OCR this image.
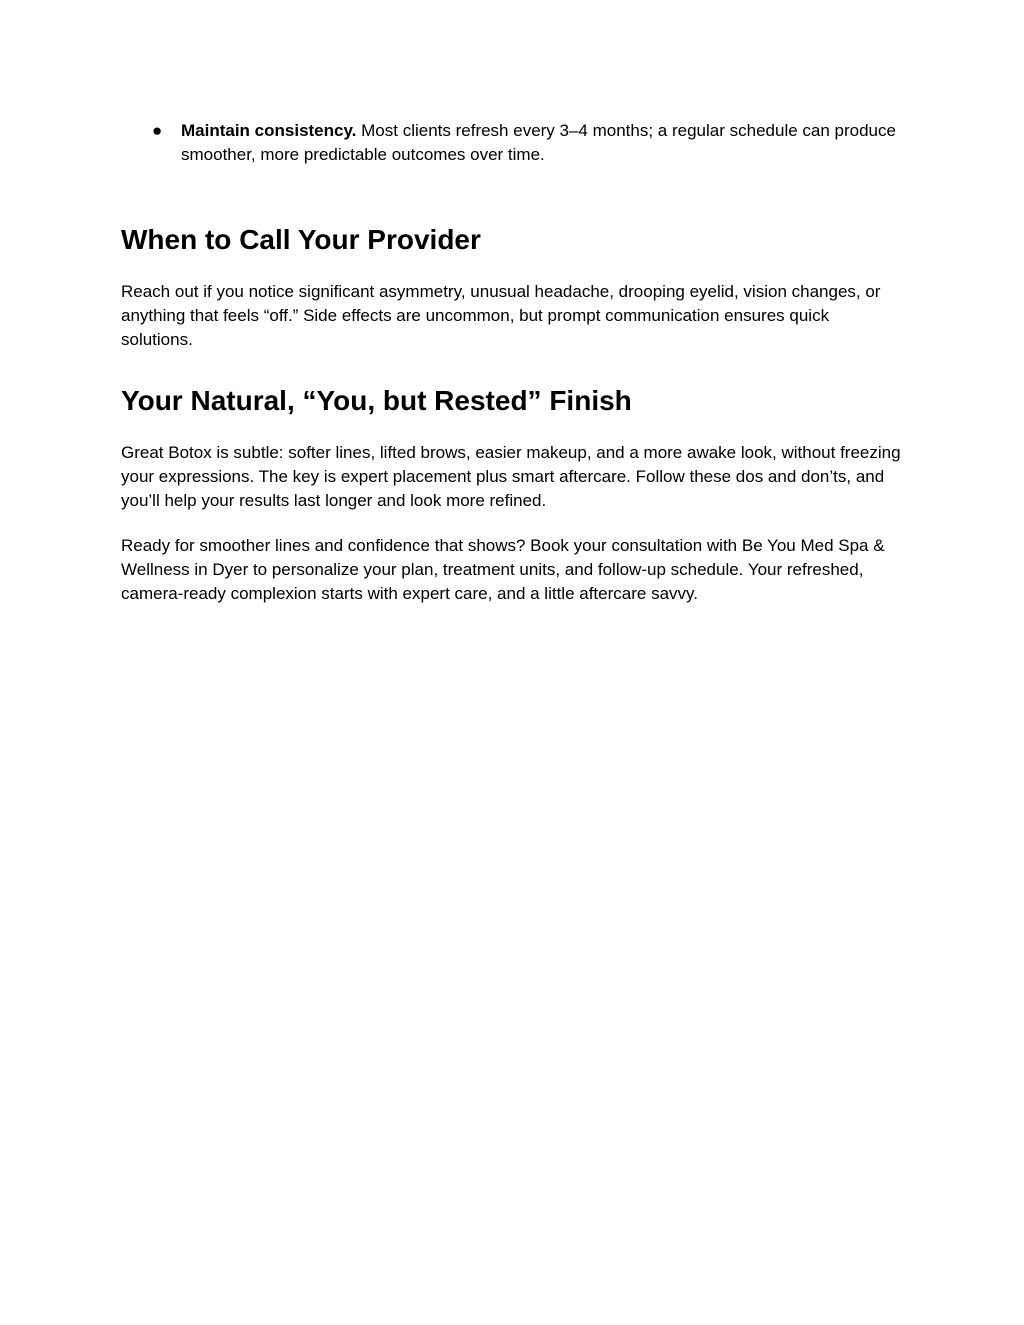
● Maintain consistency. Most clients refresh every 3–4 months; a regular schedule can produce smoother, more predictable outcomes over time.
When to Call Your Provider

Reach out if you notice significant asymmetry, unusual headache, drooping eyelid, vision changes, or anything that feels “off.” Side effects are uncommon, but prompt communication ensures quick solutions.

Your Natural, “You, but Rested” Finish

Great Botox is subtle: softer lines, lifted brows, easier makeup, and a more awake look, without freezing your expressions. The key is expert placement plus smart aftercare. Follow these dos and don’ts, and you’ll help your results last longer and look more refined.

Ready for smoother lines and confidence that shows? Book your consultation with Be You Med Spa & Wellness in Dyer to personalize your plan, treatment units, and follow-up schedule. Your refreshed, camera-ready complexion starts with expert care, and a little aftercare savvy.
